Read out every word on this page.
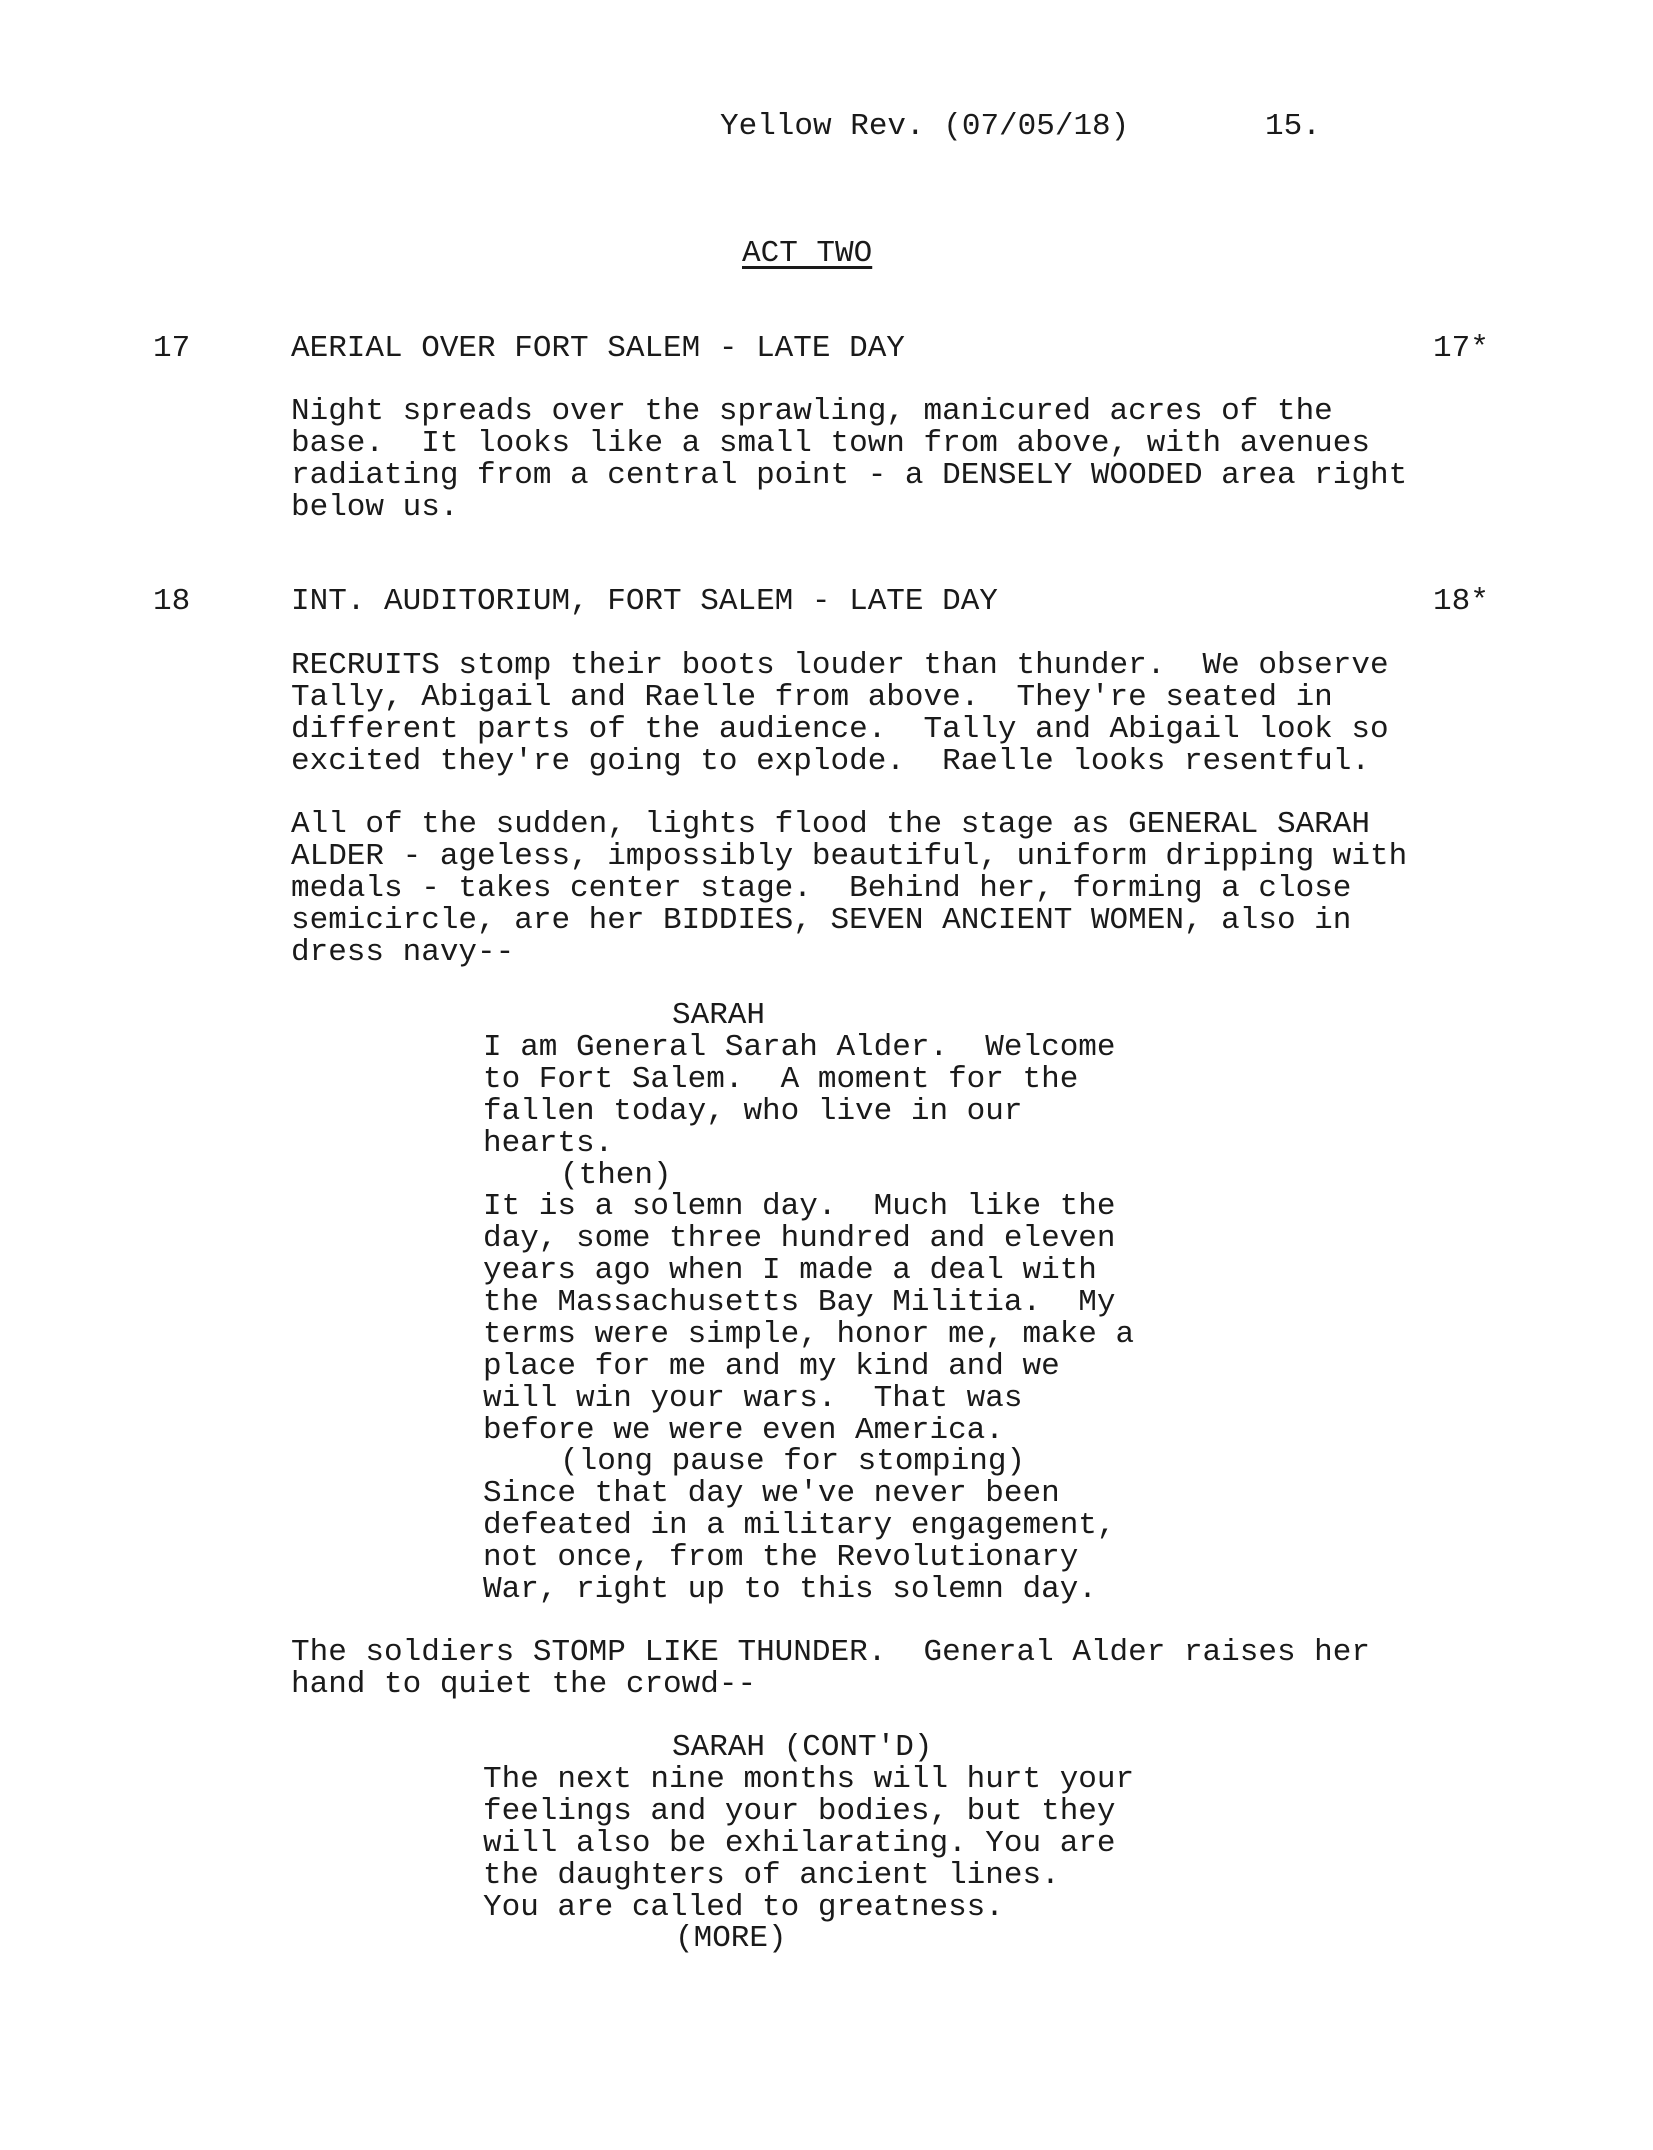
Yellow Rev. (07/05/18)	15.
ACT TWO
17	AERIAL OVER FORT SALEM - LATE DAY	17*
Night spreads over the sprawling, manicured acres of the
base.  It looks like a small town from above, with avenues
radiating from a central point - a DENSELY WOODED area right
below us.
18	INT. AUDITORIUM, FORT SALEM - LATE DAY	18*
RECRUITS stomp their boots louder than thunder.  We observe
Tally, Abigail and Raelle from above.  They're seated in
different parts of the audience.  Tally and Abigail look so
excited they're going to explode.  Raelle looks resentful.
All of the sudden, lights flood the stage as GENERAL SARAH
ALDER - ageless, impossibly beautiful, uniform dripping with
medals - takes center stage.  Behind her, forming a close
semicircle, are her BIDDIES, SEVEN ANCIENT WOMEN, also in
dress navy--
SARAH
I am General Sarah Alder.  Welcome
to Fort Salem.  A moment for the
fallen today, who live in our
hearts.
(then)
It is a solemn day.  Much like the
day, some three hundred and eleven
years ago when I made a deal with
the Massachusetts Bay Militia.  My
terms were simple, honor me, make a
place for me and my kind and we
will win your wars.  That was
before we were even America.
(long pause for stomping)
Since that day we've never been
defeated in a military engagement,
not once, from the Revolutionary
War, right up to this solemn day.
The soldiers STOMP LIKE THUNDER.  General Alder raises her
hand to quiet the crowd--
SARAH (CONT'D)
The next nine months will hurt your
feelings and your bodies, but they
will also be exhilarating. You are
the daughters of ancient lines.
You are called to greatness.
(MORE)
